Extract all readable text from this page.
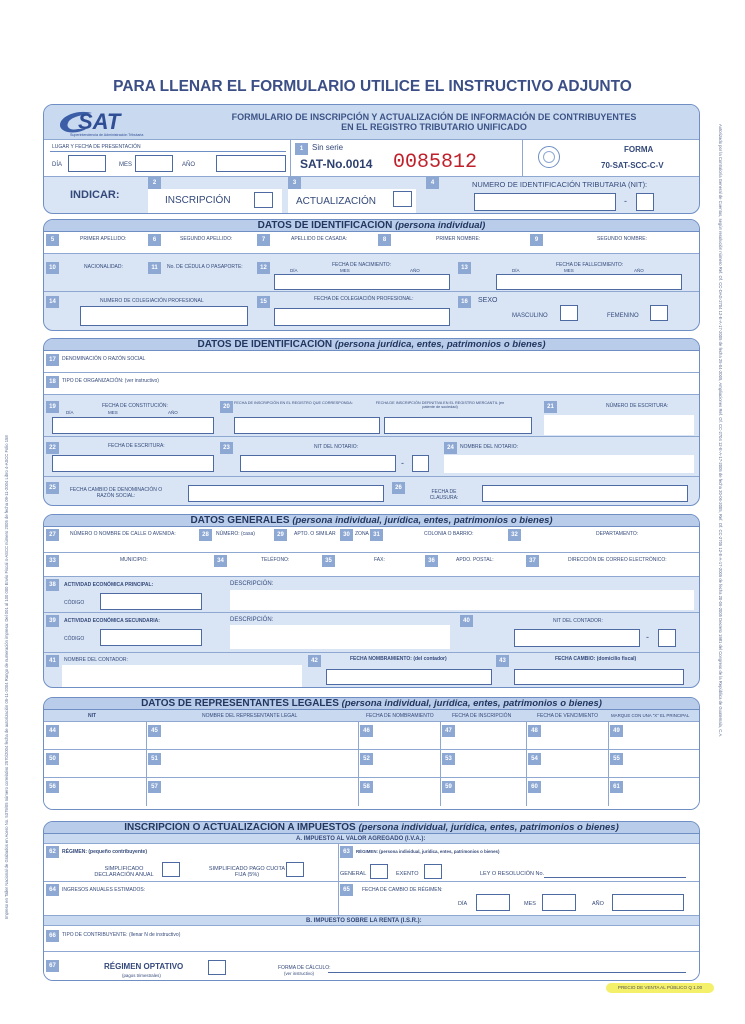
Impreso en Taller Nacional de Grabados en Acero No. 5379/05 número correlativo 2570/2004 fecha de autorización 05-11-2004 Rango de numeración impresa: Del 001 al 100 000 Envío Fiscal 4-ASCC número 2005 de fecha 09-11-2004 Libro 4-ASCC Folio 158	Autorizado por la Contraloría General de Cuentas, según resolución número Ref. Of. CC-DAG-2704 12-E-A-17-2005 de fecha 25-04-2005, Ampliaciones Ref. Of. CC-2704 12-E-A-17-2005 de fecha 20-06-2005, Ref. Of. CC-2705 12-E-A-17-2005 de fecha 20-06-2005 Decreto 1981 del Congreso de la República de Guatemala, C.A.
PARA LLENAR EL FORMULARIO UTILICE EL INSTRUCTIVO ADJUNTO
SAT
Superintendencia de Administración Tributaria
FORMULARIO DE INSCRIPCIÓN Y ACTUALIZACIÓN DE INFORMACIÓN DE CONTRIBUYENTES
EN EL REGISTRO TRIBUTARIO UNIFICADO
LUGAR Y FECHA DE PRESENTACIÓN
DÍA	MES	AÑO
1	Sin serie
SAT-No.0014 0085812
FORMA
70-SAT-SCC-C-V
INDICAR:
2
INSCRIPCIÓN
3
ACTUALIZACIÓN
4	NUMERO DE IDENTIFICACIÓN TRIBUTARIA (NIT):
-
DATOS DE IDENTIFICACIÓN (persona individual)
5	PRIMER APELLIDO:	6	SEGUNDO APELLIDO:	7	APELLIDO DE CASADA:	8	PRIMER NOMBRE:	9	SEGUNDO NOMBRE:
10	NACIONALIDAD:	11	No. DE CÉDULA O PASAPORTE:	12	FECHA DE NACIMIENTO:
DÍA	MES	AÑO	13	FECHA DE FALLECIMIENTO:
DÍA	MES	AÑO
14	NUMERO DE COLEGIACIÓN PROFESIONAL	15	FECHA DE COLEGIACIÓN PROFESIONAL:	16	SEXO
MASCULINO	FEMENINO
DATOS DE IDENTIFICACIÓN (persona jurídica, entes, patrimonios o bienes)
17	DENOMINACIÓN O RAZÓN SOCIAL
18	TIPO DE ORGANIZACIÓN: (ver instructivo)
19	FECHA DE CONSTITUCIÓN:
DÍA	MES	AÑO
20
FECHA DE INSCRIPCIÓN EN EL REGISTRO QUE CORRESPONDA:	FECHA DE INSCRIPCIÓN DEFINITIVA EN EL REGISTRO MERCANTIL (en patente de sociedad)	21	NÚMERO DE ESCRITURA:
22	FECHA DE ESCRITURA:	23	NIT DEL NOTARIO:
-
24	NOMBRE DEL NOTARIO:
25	FECHA CAMBIO DE DENOMINACIÓN O RAZÓN SOCIAL:
26
FECHA DE CLAUSURA:
DATOS GENERALES (persona individual, jurídica, entes, patrimonios o bienes)
27	NÚMERO O NOMBRE DE CALLE O AVENIDA:	28	NÚMERO: (casa)	29	APTO. O SIMILAR	30	ZONA 31	COLONIA O BARRIO:	32	DEPARTAMENTO:
33	MUNICIPIO:	34	TELÉFONO:	35	FAX:	36	APDO. POSTAL:	37	DIRECCIÓN DE CORREO ELECTRÓNICO:
38	ACTIVIDAD ECONÓMICA PRINCIPAL:	DESCRIPCIÓN:
CÓDIGO
39	ACTIVIDAD ECONÓMICA SECUNDARIA:	DESCRIPCIÓN:
CÓDIGO
40	NIT DEL CONTADOR:
-
41	NOMBRE DEL CONTADOR:	42	FECHA NOMBRAMIENTO: (del contador)	43	FECHA CAMBIO: (domicilio fiscal)
DATOS DE REPRESENTANTES LEGALES (persona individual, jurídica, entes, patrimonios o bienes)
NIT	NOMBRE DEL REPRESENTANTE LEGAL	FECHA DE NOMBRAMIENTO	FECHA DE INSCRIPCIÓN	FECHA DE VENCIMIENTO	MARQUE CON UNA "X" EL PRINCIPAL
44	45	46	47	48	49
50	51	52	53	54	55
56	57	58	59	60	61
INSCRIPCIÓN O ACTUALIZACIÓN A IMPUESTOS (persona individual, jurídica, entes, patrimonios o bienes)
A. IMPUESTO AL VALOR AGREGADO (I.V.A.):
62	RÉGIMEN: (pequeño contribuyente)
SIMPLIFICADO DECLARACIÓN ANUAL
SIMPLIFICADO PAGO CUOTA FIJA (5%)
63	RÉGIMEN: (persona individual, jurídica, entes, patrimonios o bienes)
GENERAL	EXENTO	LEY O RESOLUCIÓN No.
64	INGRESOS ANUALES ESTIMADOS:	65	FECHA DE CAMBIO DE RÉGIMEN:
DÍA	MES	AÑO
B. IMPUESTO SOBRE LA RENTA (I.S.R.):
66	TIPO DE CONTRIBUYENTE: (llenar N de instructivo)
67	RÉGIMEN OPTATIVO
(pagos trimestrales)
FORMA DE CÁLCULO:
(ver instructivo)
PRECIO DE VENTA AL PÚBLICO Q 1.00
